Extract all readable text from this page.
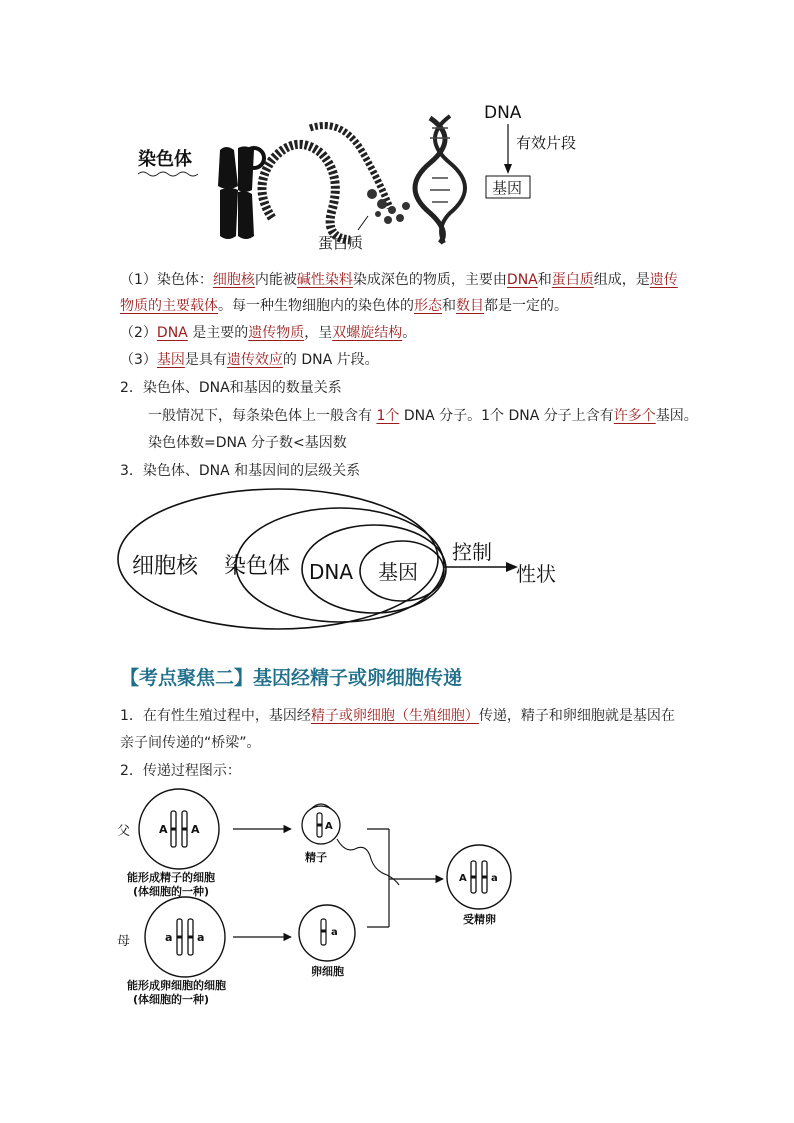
染色体
DNA
有效片段
基因
蛋白质
（1）染色体：细胞核内能被碱性染料染成深色的物质，主要由DNA和蛋白质组成，是遗传
物质的主要载体。每一种生物细胞内的染色体的形态和数目都是一定的。
（2）DNA 是主要的遗传物质，呈双螺旋结构。
（3）基因是具有遗传效应的 DNA 片段。
2．染色体、DNA和基因的数量关系
一般情况下，每条染色体上一般含有 1个 DNA 分子。1个 DNA 分子上含有许多个基因。
染色体数=DNA 分子数<基因数
3．染色体、DNA 和基因间的层级关系
细胞核 染色体 DNA 基因
控制
性状
【考点聚焦二】基因经精子或卵细胞传递
1．在有性生殖过程中，基因经精子或卵细胞（生殖细胞）传递，精子和卵细胞就是基因在
亲子间传递的“桥梁”。
2．传递过程图示：
父	A A
能形成精子的细胞
(体细胞的一种)
A
精子
A a
受精卵
母	a a
能形成卵细胞的细胞
(体细胞的一种)
a
卵细胞
